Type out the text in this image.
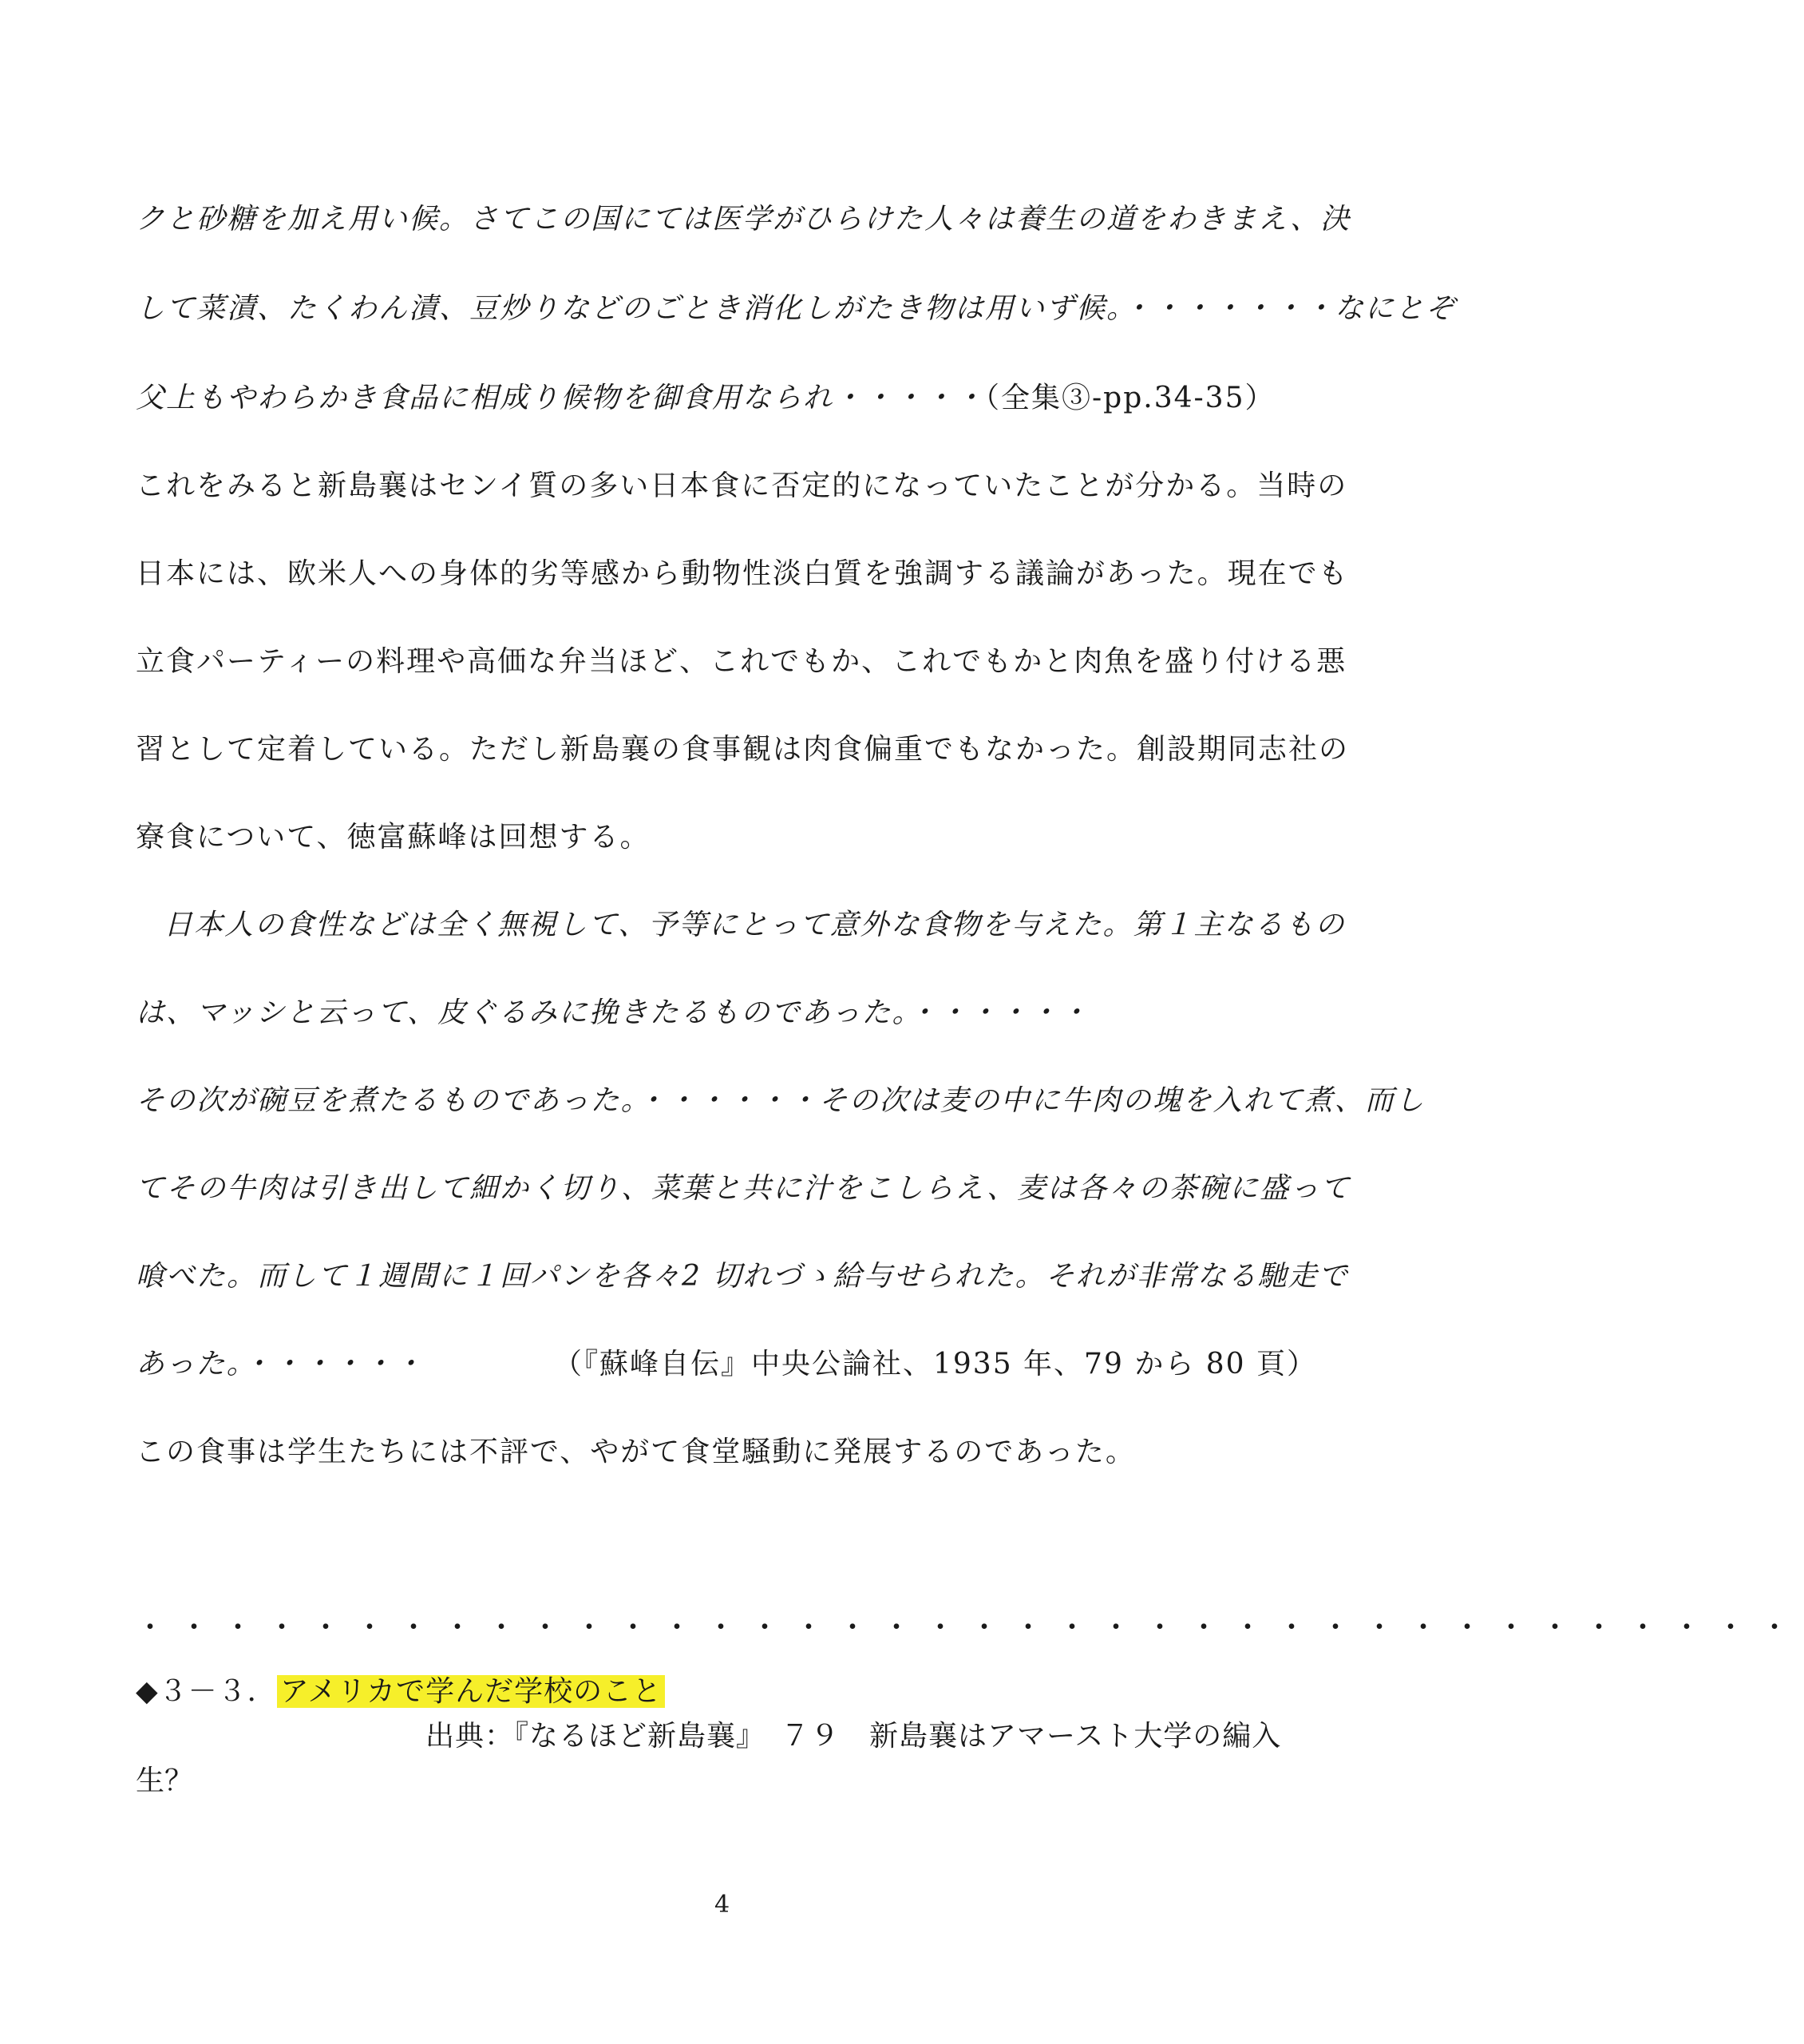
クと砂糖を加え用い候。さてこの国にては医学がひらけた人々は養生の道をわきまえ、決
して菜漬、たくわん漬、豆炒りなどのごとき消化しがたき物は用いず候。・・・・・・・なにとぞ
父上もやわらかき食品に相成り候物を御食用なられ・・・・・（全集③-pp.34-35）
これをみると新島襄はセンイ質の多い日本食に否定的になっていたことが分かる。当時の
日本には、欧米人への身体的劣等感から動物性淡白質を強調する議論があった。現在でも
立食パーティーの料理や高価な弁当ほど、これでもか、これでもかと肉魚を盛り付ける悪
習として定着している。ただし新島襄の食事観は肉食偏重でもなかった。創設期同志社の
寮食について、徳富蘇峰は回想する。
日本人の食性などは全く無視して、予等にとって意外な食物を与えた。第１主なるもの
は、マッシと云って、皮ぐるみに挽きたるものであった。・・・・・・
その次が碗豆を煮たるものであった。・・・・・・その次は麦の中に牛肉の塊を入れて煮、而し
てその牛肉は引き出して細かく切り、菜葉と共に汁をこしらえ、麦は各々の茶碗に盛って
喰べた。而して１週間に１回パンを各々2 切れづゝ給与せられた。それが非常なる馳走で
あった。・・・・・・	（『蘇峰自伝』中央公論社、1935 年、79 から 80 頁）
この食事は学生たちには不評で、やがて食堂騒動に発展するのであった。
・・・・・・・・・・・・・・・・・・・・・・・・・・・・・・・・・・・・・・
◆３－３． アメリカで学んだ学校のこと
出典：『なるほど新島襄』　７９　新島襄はアマースト大学の編入
生？
4
